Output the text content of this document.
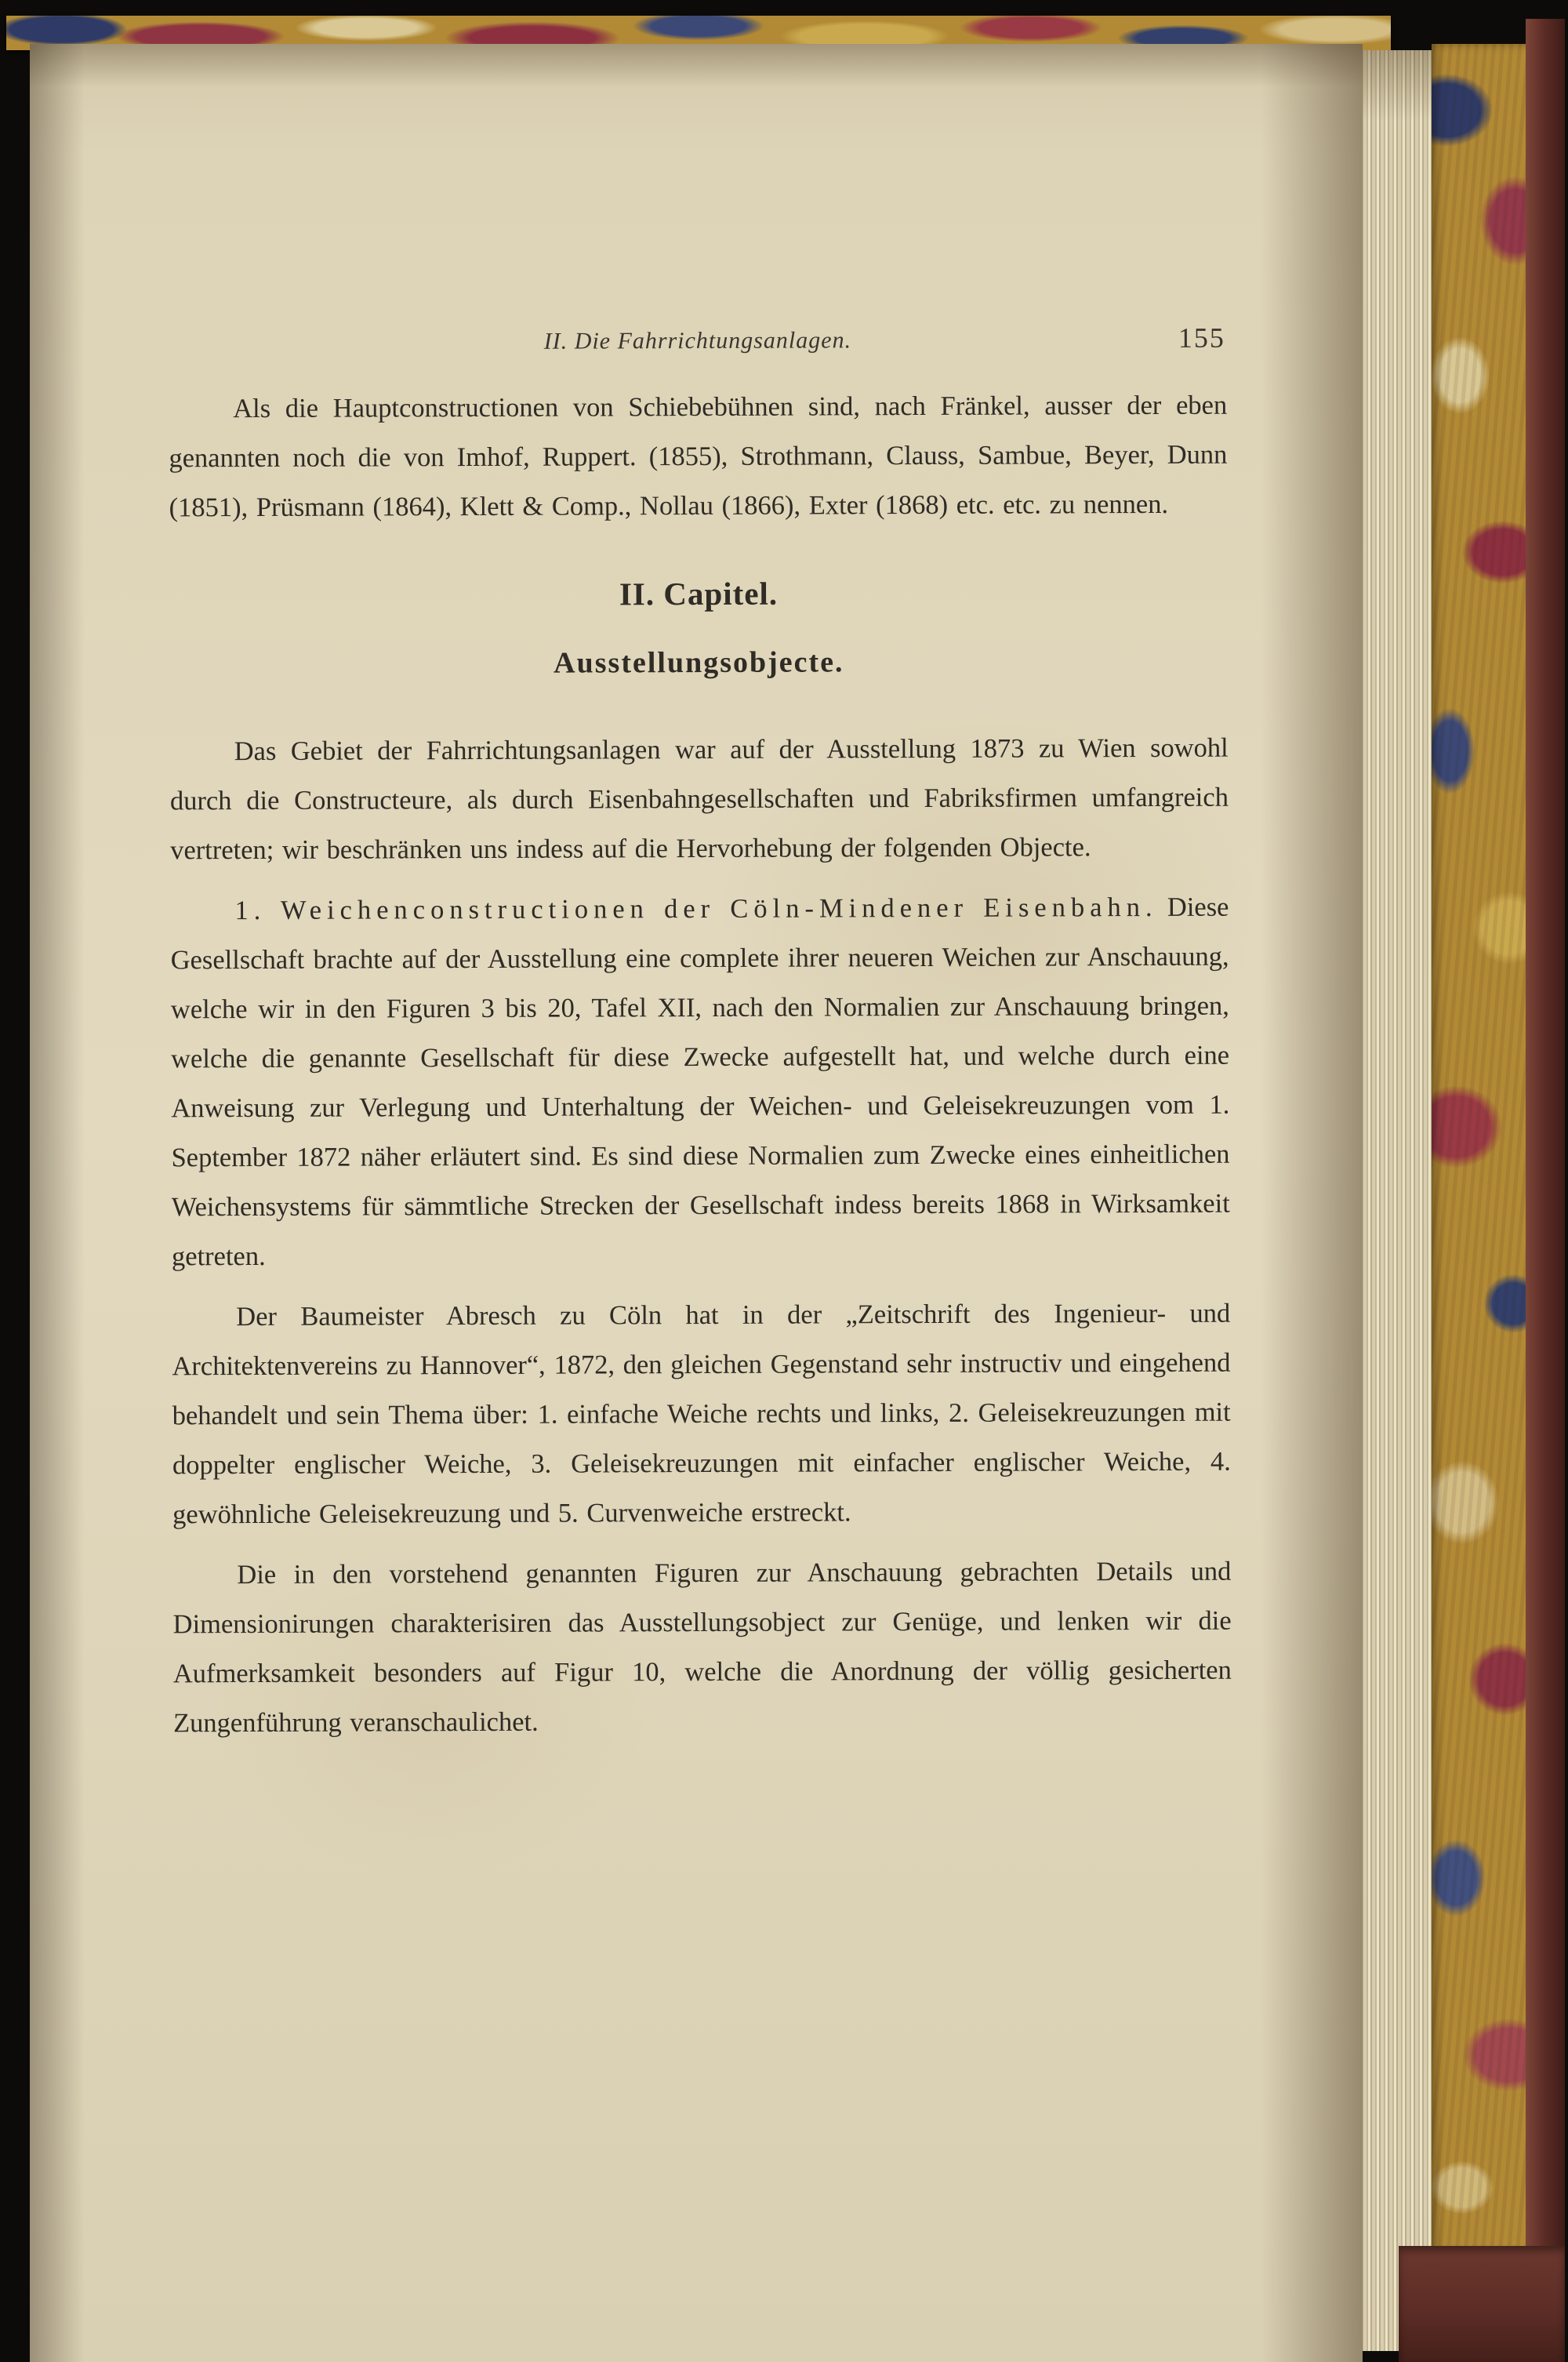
II. Die Fahrrichtungsanlagen.	155

Als die Hauptconstructionen von Schiebebühnen sind, nach Fränkel, ausser der eben genannten noch die von Imhof, Ruppert. (1855), Strothmann, Clauss, Sambue, Beyer, Dunn (1851), Prüsmann (1864), Klett & Comp., Nollau (1866), Exter (1868) etc. etc. zu nennen.

II. Capitel.
Ausstellungsobjecte.

Das Gebiet der Fahrrichtungsanlagen war auf der Ausstellung 1873 zu Wien sowohl durch die Constructeure, als durch Eisenbahngesellschaften und Fabriksfirmen umfangreich vertreten; wir beschränken uns indess auf die Hervorhebung der folgenden Objecte.

1. Weichenconstructionen der Cöln-Mindener Eisenbahn. Diese Gesellschaft brachte auf der Ausstellung eine complete ihrer neueren Weichen zur Anschauung, welche wir in den Figuren 3 bis 20, Tafel XII, nach den Normalien zur Anschauung bringen, welche die genannte Gesellschaft für diese Zwecke aufgestellt hat, und welche durch eine Anweisung zur Verlegung und Unterhaltung der Weichen- und Geleisekreuzungen vom 1. September 1872 näher erläutert sind. Es sind diese Normalien zum Zwecke eines einheitlichen Weichensystems für sämmtliche Strecken der Gesellschaft indess bereits 1868 in Wirksamkeit getreten.

Der Baumeister Abresch zu Cöln hat in der „Zeitschrift des Ingenieur- und Architektenvereins zu Hannover“, 1872, den gleichen Gegenstand sehr instructiv und eingehend behandelt und sein Thema über: 1. einfache Weiche rechts und links, 2. Geleisekreuzungen mit doppelter englischer Weiche, 3. Geleisekreuzungen mit einfacher englischer Weiche, 4. gewöhnliche Geleisekreuzung und 5. Curvenweiche erstreckt.

Die in den vorstehend genannten Figuren zur Anschauung gebrachten Details und Dimensionirungen charakterisiren das Ausstellungsobject zur Genüge, und lenken wir die Aufmerksamkeit besonders auf Figur 10, welche die Anordnung der völlig gesicherten Zungenführung veranschaulichet.
